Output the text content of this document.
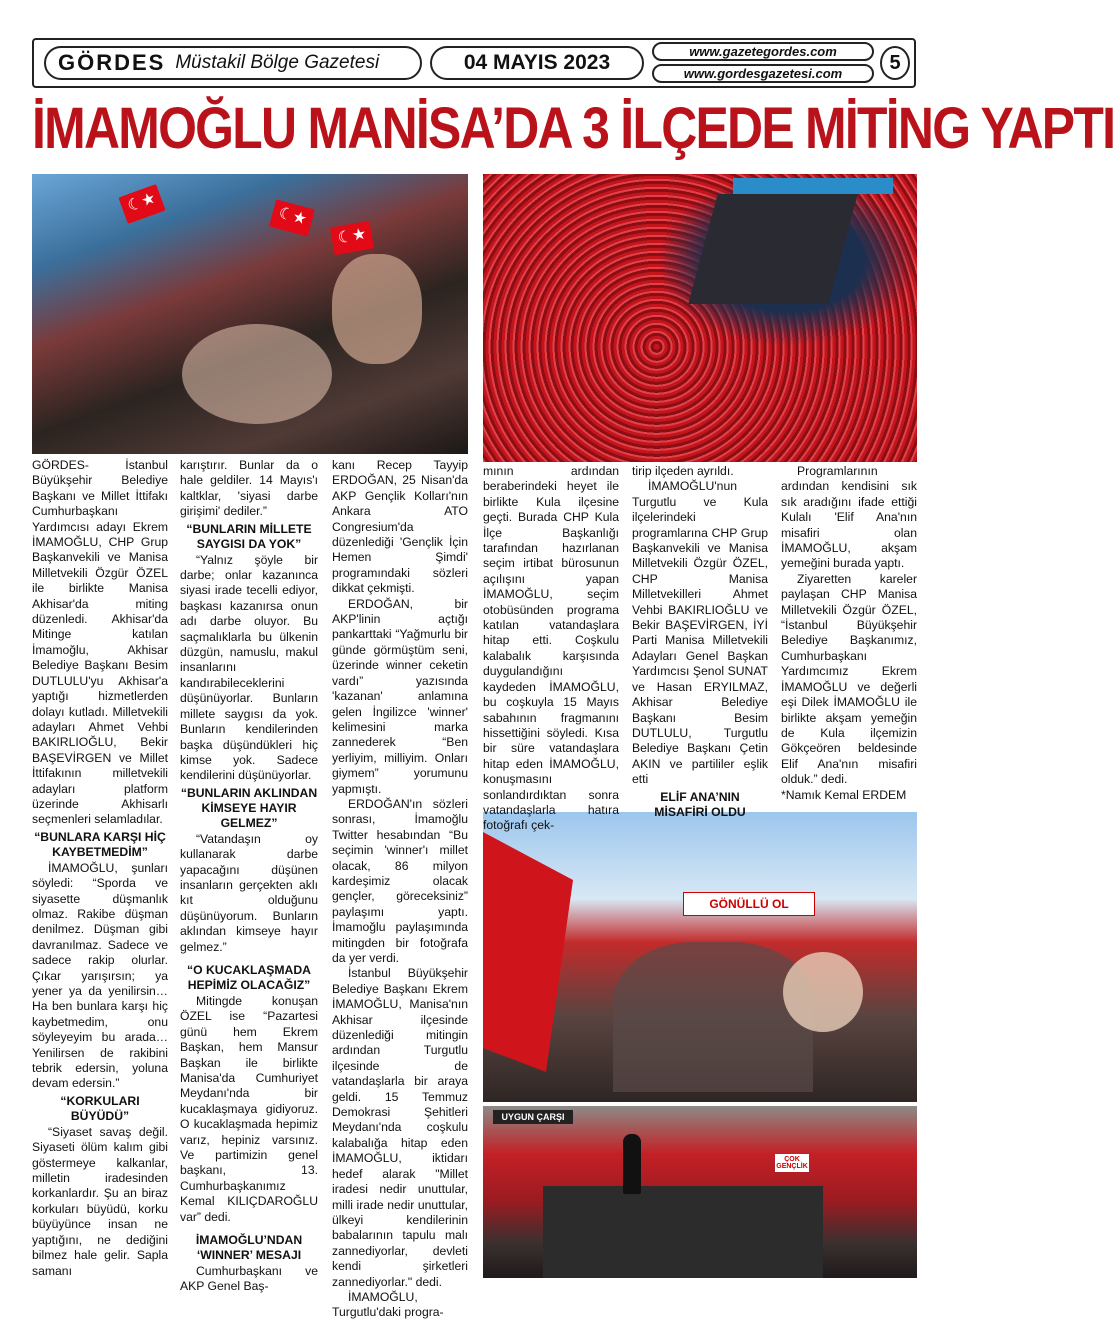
GÖRDES Müstakil Bölge Gazetesi	04 MAYIS 2023	www.gazetegordes.com
www.gordesgazetesi.com	5
İMAMOĞLU MANİSA’DA 3 İLÇEDE MİTİNG YAPTI
☾★
☾★
☾★
GÖNÜLLÜ OL
UYGUN ÇARŞI
ÇOK GENÇLİK

GÖRDES- İstanbul Büyükşehir Belediye Başkanı ve Millet İttifakı Cumhurbaşkanı Yardımcısı adayı Ekrem İMAMOĞLU, CHP Grup Başkanvekili ve Manisa Milletvekili Özgür ÖZEL ile birlikte Manisa Akhisar'da miting düzenledi. Akhisar'da Mitinge katılan İmamoğlu, Akhisar Belediye Başkanı Besim DUTLULU'yu Akhisar'a yaptığı hizmetlerden dolayı kutladı. Milletvekili adayları Ahmet Vehbi BAKIRLIOĞLU, Bekir BAŞEVİRGEN ve Millet İttifakının milletvekili adayları platform üzerinde Akhisarlı seçmenleri selamladılar.

“BUNLARA KARŞI HİÇ KAYBETMEDİM”

İMAMOĞLU, şunları söyledi: “Sporda ve siyasette düşmanlık olmaz. Rakibe düşman denilmez. Düşman gibi davranılmaz. Sadece ve sadece rakip olurlar. Çıkar yarışırsın; ya yener ya da yenilirsin… Ha ben bunlara karşı hiç kaybetmedim, onu söyleyeyim bu arada… Yenilirsen de rakibini tebrik edersin, yoluna devam edersin.”

“KORKULARI BÜYÜDÜ”

“Siyaset savaş değil. Siyaseti ölüm kalım gibi göstermeye kalkanlar, milletin iradesinden korkanlardır. Şu an biraz korkuları büyüdü, korku büyüyünce insan ne yaptığını, ne dediğini bilmez hale gelir. Sapla samanı

karıştırır. Bunlar da o hale geldiler. 14 Mayıs'ı kaltklar, 'siyasi darbe girişimi' dediler.”

“BUNLARIN MİLLETE SAYGISI DA YOK”

“Yalnız şöyle bir darbe; onlar kazanınca siyasi irade tecelli ediyor, başkası kazanırsa onun adı darbe oluyor. Bu saçmalıklarla bu ülkenin düzgün, namuslu, makul insanlarını kandırabileceklerini düşünüyorlar. Bunların millete saygısı da yok. Bunların kendilerinden başka düşündükleri hiç kimse yok. Sadece kendilerini düşünüyorlar.

“BUNLARIN AKLINDAN KİMSEYE HAYIR GELMEZ”

“Vatandaşın oy kullanarak darbe yapacağını düşünen insanların gerçekten aklı kıt olduğunu düşünüyorum. Bunların aklından kimseye hayır gelmez.”

“O KUCAKLAŞMADA HEPİMİZ OLACAĞIZ”

Mitingde konuşan ÖZEL ise “Pazartesi günü hem Ekrem Başkan, hem Mansur Başkan ile birlikte Manisa'da Cumhuriyet Meydanı'nda bir kucaklaşmaya gidiyoruz. O kucaklaşmada hepimiz varız, hepiniz varsınız. Ve partimizin genel başkanı, 13. Cumhurbaşkanımız Kemal KILIÇDAROĞLU var” dedi.

İMAMOĞLU’NDAN ‘WINNER’ MESAJI

Cumhurbaşkanı ve AKP Genel Baş-

kanı Recep Tayyip ERDOĞAN, 25 Nisan'da AKP Gençlik Kolları'nın Ankara ATO Congresium'da düzenlediği 'Gençlik İçin Hemen Şimdi' programındaki sözleri dikkat çekmişti.

ERDOĞAN, bir AKP'linin açtığı pankarttaki “Yağmurlu bir günde görmüştüm seni, üzerinde winner ceketin vardı” yazısında 'kazanan' anlamına gelen İngilizce 'winner' kelimesini marka zannederek “Ben yerliyim, milliyim. Onları giymem” yorumunu yapmıştı.

ERDOĞAN'ın sözleri sonrası, İmamoğlu Twitter hesabından “Bu seçimin 'winner'ı millet olacak, 86 milyon kardeşimiz olacak gençler, göreceksiniz” paylaşımı yaptı. İmamoğlu paylaşımında mitingden bir fotoğrafa da yer verdi.

İstanbul Büyükşehir Belediye Başkanı Ekrem İMAMOĞLU, Manisa'nın Akhisar ilçesinde düzenlediği mitingin ardından Turgutlu ilçesinde de vatandaşlarla bir araya geldi. 15 Temmuz Demokrasi Şehitleri Meydanı'nda coşkulu kalabalığa hitap eden İMAMOĞLU, iktidarı hedef alarak "Millet iradesi nedir unuttular, milli irade nedir unuttular, ülkeyi kendilerinin babalarının tapulu malı zannediyorlar, devleti kendi şirketleri zannediyorlar." dedi.

İMAMOĞLU, Turgutlu'daki progra-

mının ardından beraberindeki heyet ile birlikte Kula ilçesine geçti. Burada CHP Kula İlçe Başkanlığı tarafından hazırlanan seçim irtibat bürosunun açılışını yapan İMAMOĞLU, seçim otobüsünden programa katılan vatandaşlara hitap etti. Coşkulu kalabalık karşısında duygulandığını kaydeden İMAMOĞLU, bu coşkuyla 15 Mayıs sabahının fragmanını hissettiğini söyledi. Kısa bir süre vatandaşlara hitap eden İMAMOĞLU, konuşmasını sonlandırdıktan sonra vatandaşlarla hatıra fotoğrafı çek-

tirip ilçeden ayrıldı.

İMAMOĞLU'nun Turgutlu ve Kula ilçelerindeki programlarına CHP Grup Başkanvekili ve Manisa Milletvekili Özgür ÖZEL, CHP Manisa Milletvekilleri Ahmet Vehbi BAKIRLIOĞLU ve Bekir BAŞEVİRGEN, İYİ Parti Manisa Milletvekili Adayları Genel Başkan Yardımcısı Şenol SUNAT ve Hasan ERYILMAZ, Akhisar Belediye Başkanı Besim DUTLULU, Turgutlu Belediye Başkanı Çetin AKIN ve partililer eşlik etti

ELİF ANA’NIN MİSAFİRİ OLDU

Programlarının ardından kendisini sık sık aradığını ifade ettiği Kulalı 'Elif Ana'nın misafiri olan İMAMOĞLU, akşam yemeğini burada yaptı.

Ziyaretten kareler paylaşan CHP Manisa Milletvekili Özgür ÖZEL, “İstanbul Büyükşehir Belediye Başkanımız, Cumhurbaşkanı Yardımcımız Ekrem İMAMOĞLU ve değerli eşi Dilek İMAMOĞLU ile birlikte akşam yemeğin de Kula ilçemizin Gökçeören beldesinde Elif Ana'nın misafiri olduk.” dedi.

*Namık Kemal ERDEM
